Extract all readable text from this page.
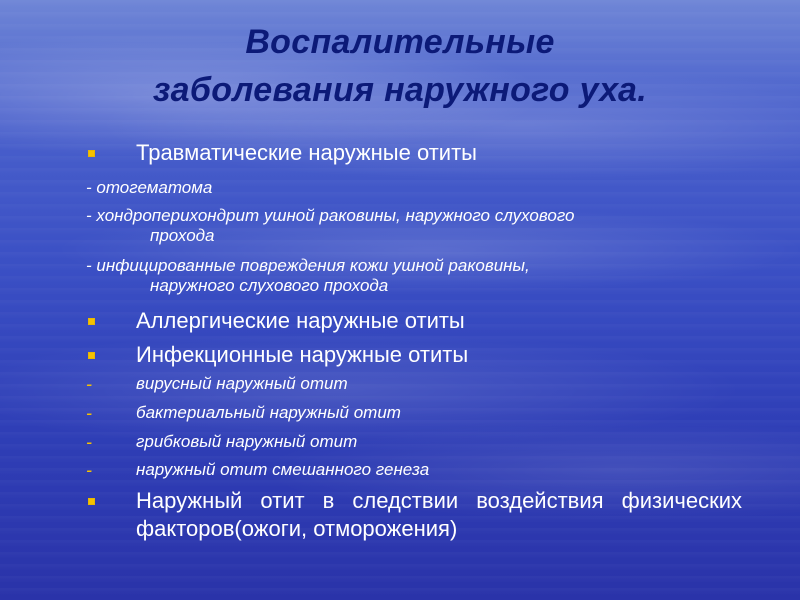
Воспалительные
заболевания наружного уха.
Травматические наружные отиты
- отогематома
- хондроперихондрит ушной раковины, наружного слухового
прохода
- инфицированные повреждения кожи ушной раковины,
наружного слухового прохода
Аллергические наружные отиты
Инфекционные наружные отиты
-	вирусный наружный отит
-	бактериальный наружный отит
-	грибковый наружный отит
-	наружный отит смешанного генеза
Наружный отит в следствии воздействия физических факторов(ожоги, отморожения)
